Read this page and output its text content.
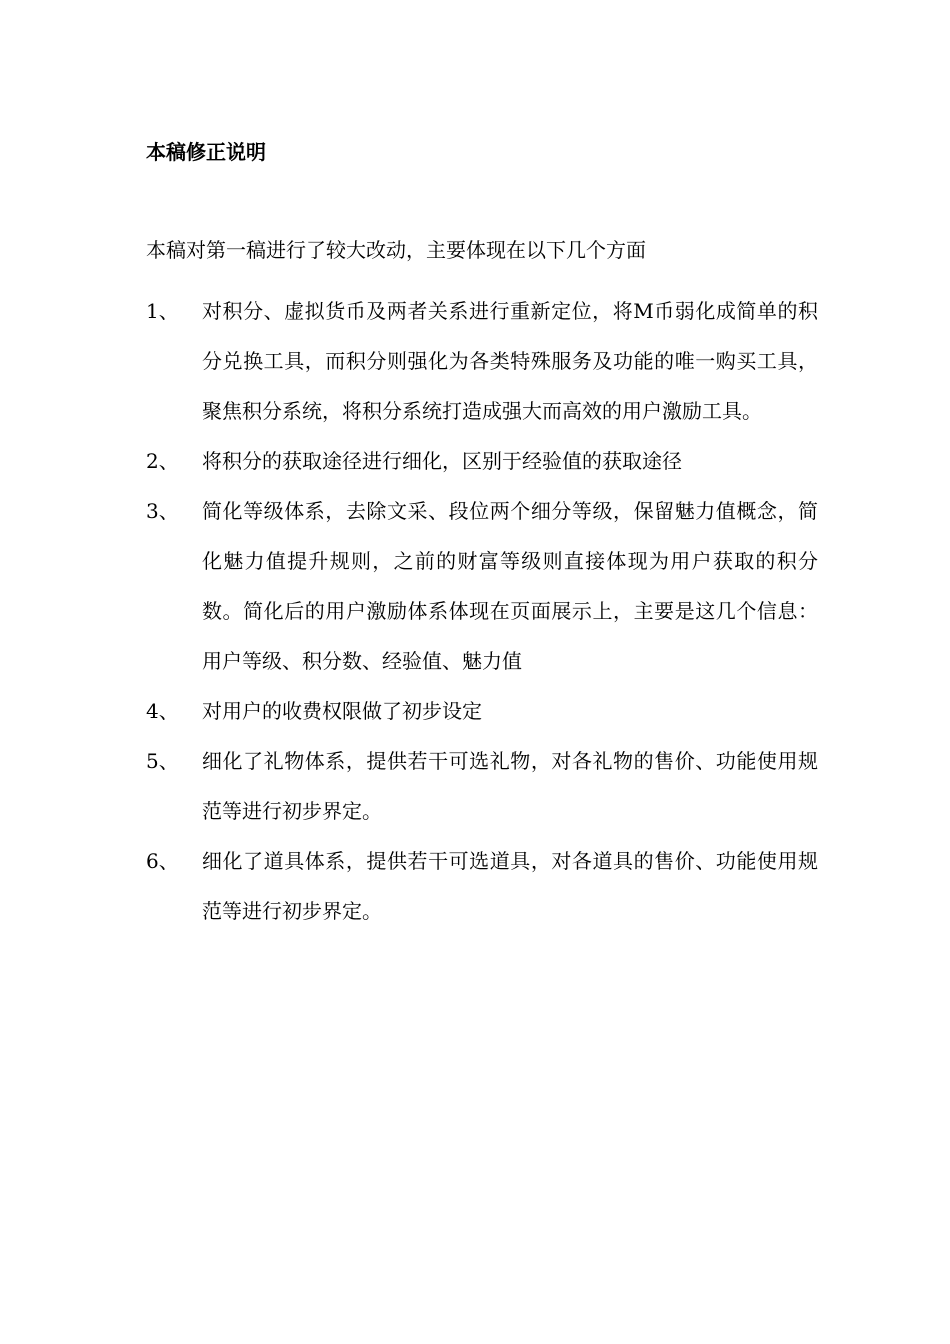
本稿修正说明
本稿对第一稿进行了较大改动，主要体现在以下几个方面
1、	对积分、虚拟货币及两者关系进行重新定位，将M币弱化成简单的积分兑换工具，而积分则强化为各类特殊服务及功能的唯一购买工具，聚焦积分系统，将积分系统打造成强大而高效的用户激励工具。
2、	将积分的获取途径进行细化，区别于经验值的获取途径
3、	简化等级体系，去除文采、段位两个细分等级，保留魅力值概念，简化魅力值提升规则，之前的财富等级则直接体现为用户获取的积分数。简化后的用户激励体系体现在页面展示上，主要是这几个信息：用户等级、积分数、经验值、魅力值
4、	对用户的收费权限做了初步设定
5、	细化了礼物体系，提供若干可选礼物，对各礼物的售价、功能使用规范等进行初步界定。
6、	细化了道具体系，提供若干可选道具，对各道具的售价、功能使用规范等进行初步界定。
